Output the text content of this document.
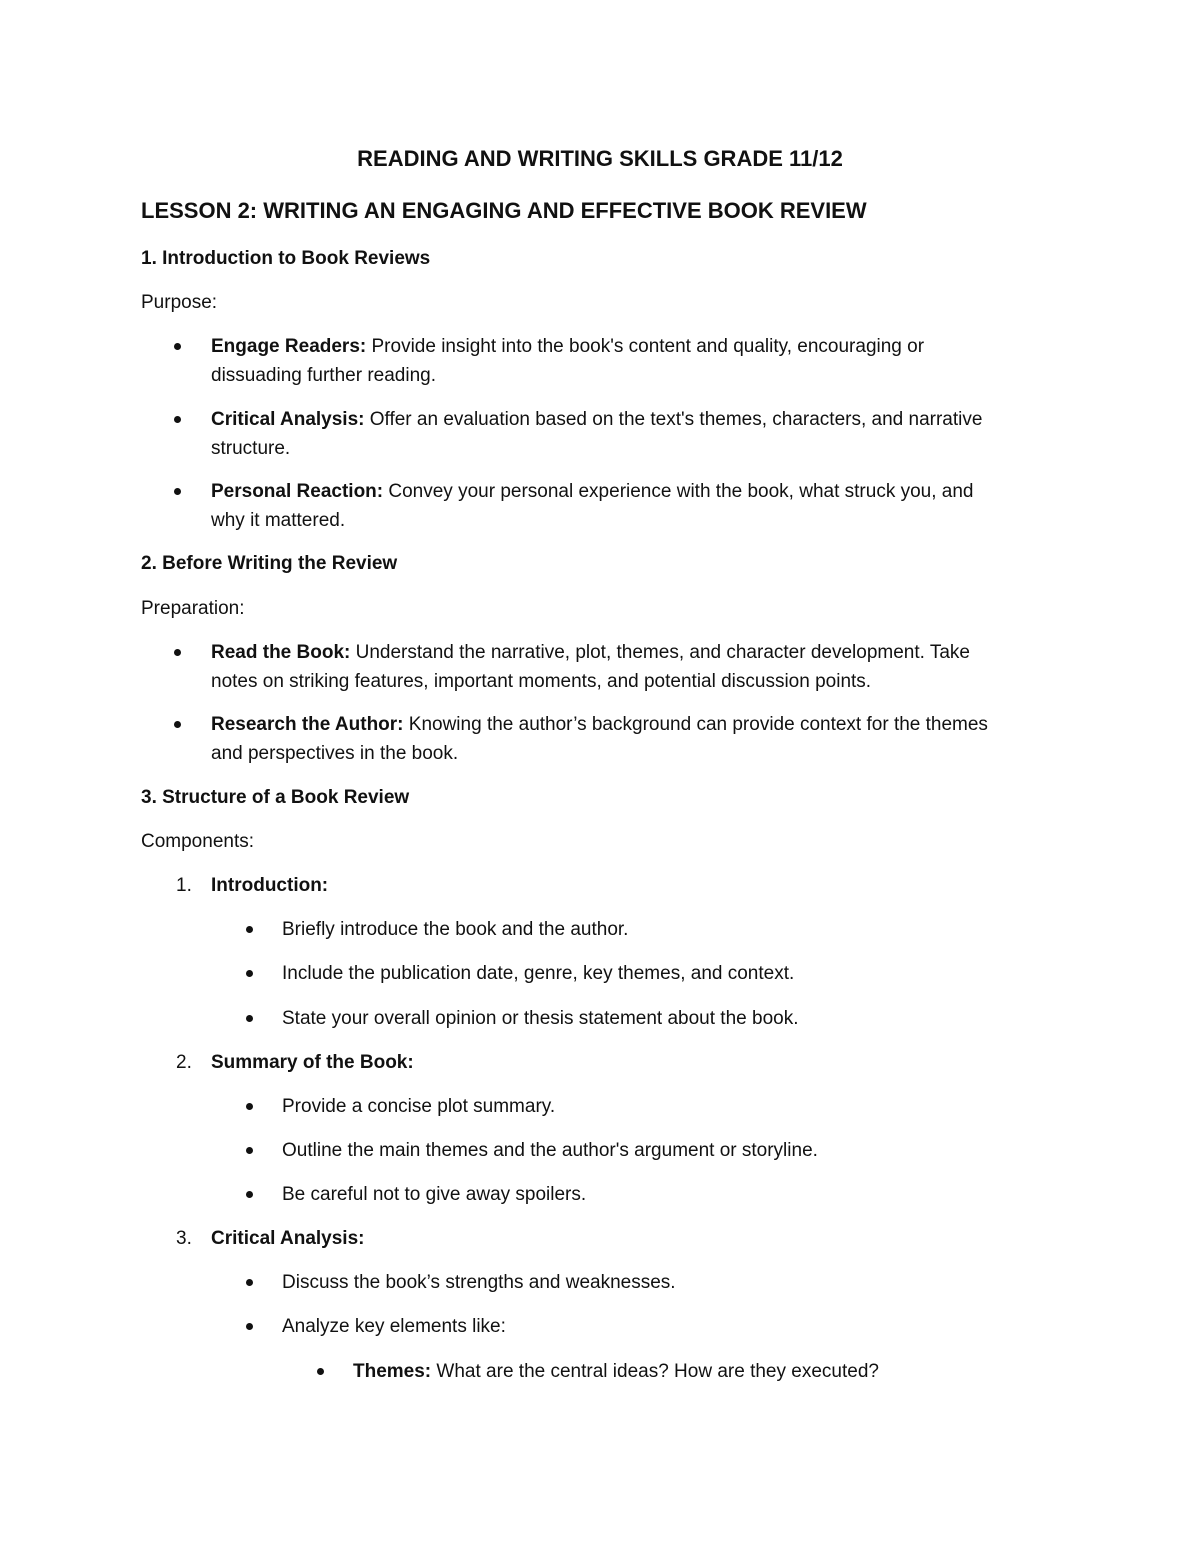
READING AND WRITING SKILLS GRADE 11/12
LESSON 2: WRITING AN ENGAGING AND EFFECTIVE BOOK REVIEW
1. Introduction to Book Reviews
Purpose:
Engage Readers: Provide insight into the book's content and quality, encouraging or
dissuading further reading.
Critical Analysis: Offer an evaluation based on the text's themes, characters, and narrative
structure.
Personal Reaction: Convey your personal experience with the book, what struck you, and
why it mattered.
2. Before Writing the Review
Preparation:
Read the Book: Understand the narrative, plot, themes, and character development. Take
notes on striking features, important moments, and potential discussion points.
Research the Author: Knowing the author’s background can provide context for the themes
and perspectives in the book.
3. Structure of a Book Review
Components:
1. Introduction:
Briefly introduce the book and the author.
Include the publication date, genre, key themes, and context.
State your overall opinion or thesis statement about the book.
2. Summary of the Book:
Provide a concise plot summary.
Outline the main themes and the author's argument or storyline.
Be careful not to give away spoilers.
3. Critical Analysis:
Discuss the book’s strengths and weaknesses.
Analyze key elements like:
Themes: What are the central ideas? How are they executed?
